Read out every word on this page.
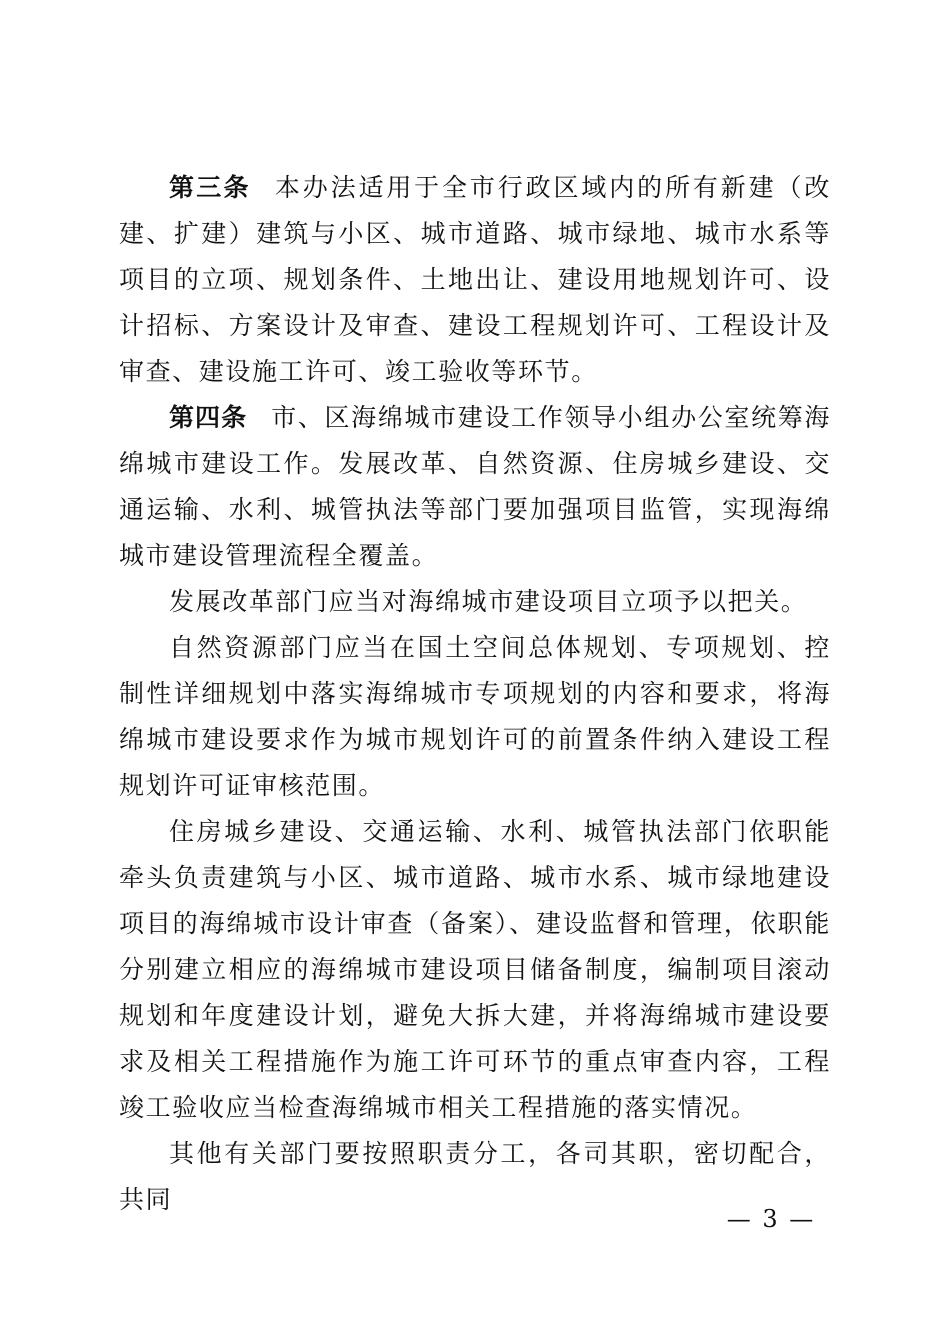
第三条 本办法适用于全市行政区域内的所有新建（改建、扩建）建筑与小区、城市道路、城市绿地、城市水系等项目的立项、规划条件、土地出让、建设用地规划许可、设计招标、方案设计及审查、建设工程规划许可、工程设计及审查、建设施工许可、竣工验收等环节。

第四条 市、区海绵城市建设工作领导小组办公室统筹海绵城市建设工作。发展改革、自然资源、住房城乡建设、交通运输、水利、城管执法等部门要加强项目监管，实现海绵城市建设管理流程全覆盖。

发展改革部门应当对海绵城市建设项目立项予以把关。

自然资源部门应当在国土空间总体规划、专项规划、控制性详细规划中落实海绵城市专项规划的内容和要求，将海绵城市建设要求作为城市规划许可的前置条件纳入建设工程规划许可证审核范围。

住房城乡建设、交通运输、水利、城管执法部门依职能牵头负责建筑与小区、城市道路、城市水系、城市绿地建设项目的海绵城市设计审查（备案）、建设监督和管理，依职能分别建立相应的海绵城市建设项目储备制度，编制项目滚动规划和年度建设计划，避免大拆大建，并将海绵城市建设要求及相关工程措施作为施工许可环节的重点审查内容，工程竣工验收应当检查海绵城市相关工程措施的落实情况。

其他有关部门要按照职责分工，各司其职，密切配合，共同

— 3 —
